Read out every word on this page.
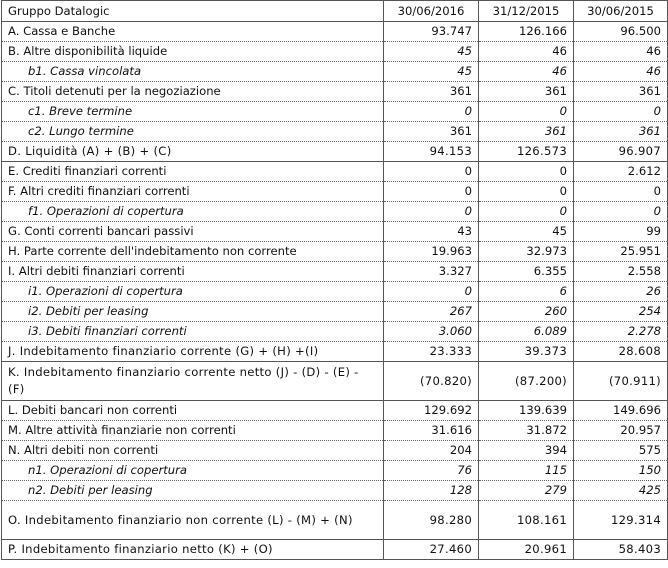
Gruppo Datalogic	30/06/2016	31/12/2015	30/06/2015
A. Cassa e Banche	93.747	126.166	96.500
B. Altre disponibilità liquide	45	46	46
b1. Cassa vincolata	45	46	46
C. Titoli detenuti per la negoziazione	361	361	361
c1. Breve termine	0	0	0
c2. Lungo termine	361	361	361
D. Liquidità (A) + (B) + (C)	94.153	126.573	96.907
E. Crediti finanziari correnti	0	0	2.612
F. Altri crediti finanziari correnti	0	0	0
f1. Operazioni di copertura	0	0	0
G. Conti correnti bancari passivi	43	45	99
H. Parte corrente dell'indebitamento non corrente	19.963	32.973	25.951
I. Altri debiti finanziari correnti	3.327	6.355	2.558
i1. Operazioni di copertura	0	6	26
i2. Debiti per leasing	267	260	254
i3. Debiti finanziari correnti	3.060	6.089	2.278
J. Indebitamento finanziario corrente (G) + (H) +(I)	23.333	39.373	28.608
K. Indebitamento finanziario corrente netto (J) - (D) - (E) - (F)	(70.820)	(87.200)	(70.911)
L. Debiti bancari non correnti	129.692	139.639	149.696
M. Altre attività finanziarie non correnti	31.616	31.872	20.957
N. Altri debiti non correnti	204	394	575
n1. Operazioni di copertura	76	115	150
n2. Debiti per leasing	128	279	425
O. Indebitamento finanziario non corrente (L) - (M) + (N)	98.280	108.161	129.314
P. Indebitamento finanziario netto (K) + (O)	27.460	20.961	58.403
